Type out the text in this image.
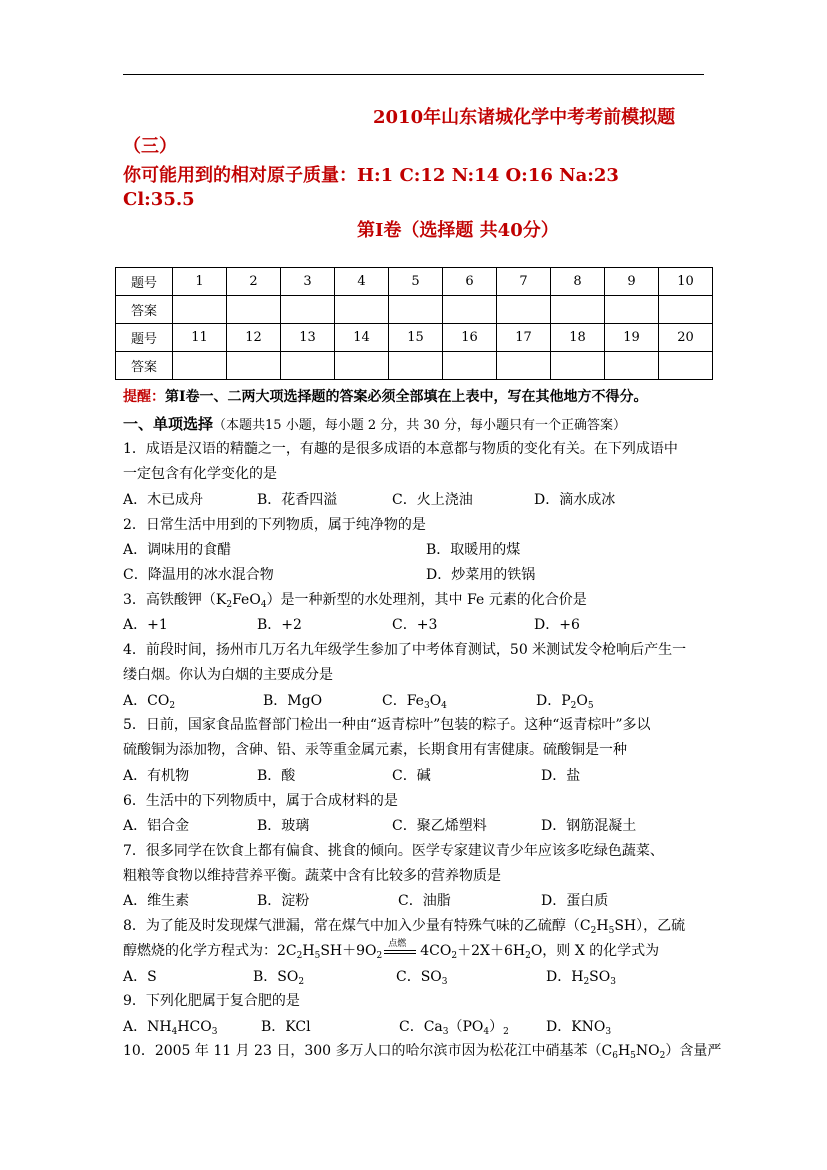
2010年山东诸城化学中考考前模拟题
（三）
你可能用到的相对原子质量：H:1 C:12 N:14 O:16 Na:23
Cl:35.5
第Ⅰ卷（选择题 共40分）
题号	1	2	3	4	5	6	7	8	9	10
答案										
题号	11	12	13	14	15	16	17	18	19	20
答案										
提醒：第Ⅰ卷一、二两大项选择题的答案必须全部填在上表中，写在其他地方不得分。
一、单项选择（本题共15 小题，每小题 2 分，共 30 分，每小题只有一个正确答案）
1．成语是汉语的精髓之一，有趣的是很多成语的本意都与物质的变化有关。在下列成语中
一定包含有化学变化的是
A．木已成舟	B．花香四溢	C．火上浇油	D．滴水成冰
2．日常生活中用到的下列物质，属于纯净物的是
A．调味用的食醋	B．取暖用的煤
C．降温用的冰水混合物	D．炒菜用的铁锅
3．高铁酸钾$(K_2FeO_4)$是一种新型的水处理剂，其中 Fe 元素的化合价是
A．+1	B．+2	C．+3	D．+6
4．前段时间，扬州市几万名九年级学生参加了中考体育测试，50 米测试发令枪响后产生一
缕白烟。你认为白烟的主要成分是
A．$CO_2$	B．MgO	C．$Fe_3O_4$	D．$P_2O_5$
5．日前，国家食品监督部门检出一种由“返青棕叶”包装的粽子。这种“返青棕叶”多以
硫酸铜为添加物，含砷、铅、汞等重金属元素，长期食用有害健康。硫酸铜是一种
A．有机物	B．酸	C．碱	D．盐
6．生活中的下列物质中，属于合成材料的是
A．铝合金	B．玻璃	C．聚乙烯塑料	D．钢筋混凝土
7．很多同学在饮食上都有偏食、挑食的倾向。医学专家建议青少年应该多吃绿色蔬菜、
粗粮等食物以维持营养平衡。蔬菜中含有比较多的营养物质是
A．维生素	B．淀粉	C．油脂	D．蛋白质
8．为了能及时发现煤气泄漏，常在煤气中加入少量有特殊气味的乙硫醇$(C_2H_5SH)$，乙硫
醇燃烧的化学方程式为：$2C_2H_5SH+9O_2$
点燃 $4CO_2+2X+6H_2O$，则 X 的化学式为
A．S	B．$SO_2$	C．$SO_3$	D．$H_2SO_3$
9．下列化肥属于复合肥的是
A．$NH_4HCO_3$	B．KCl	C．$Ca_3(PO_4)_2$	D．$KNO_3$
10．2005 年 11 月 23 日，300 多万人口的哈尔滨市因为松花江中硝基苯$(C_6H_5NO_2)$含量严
